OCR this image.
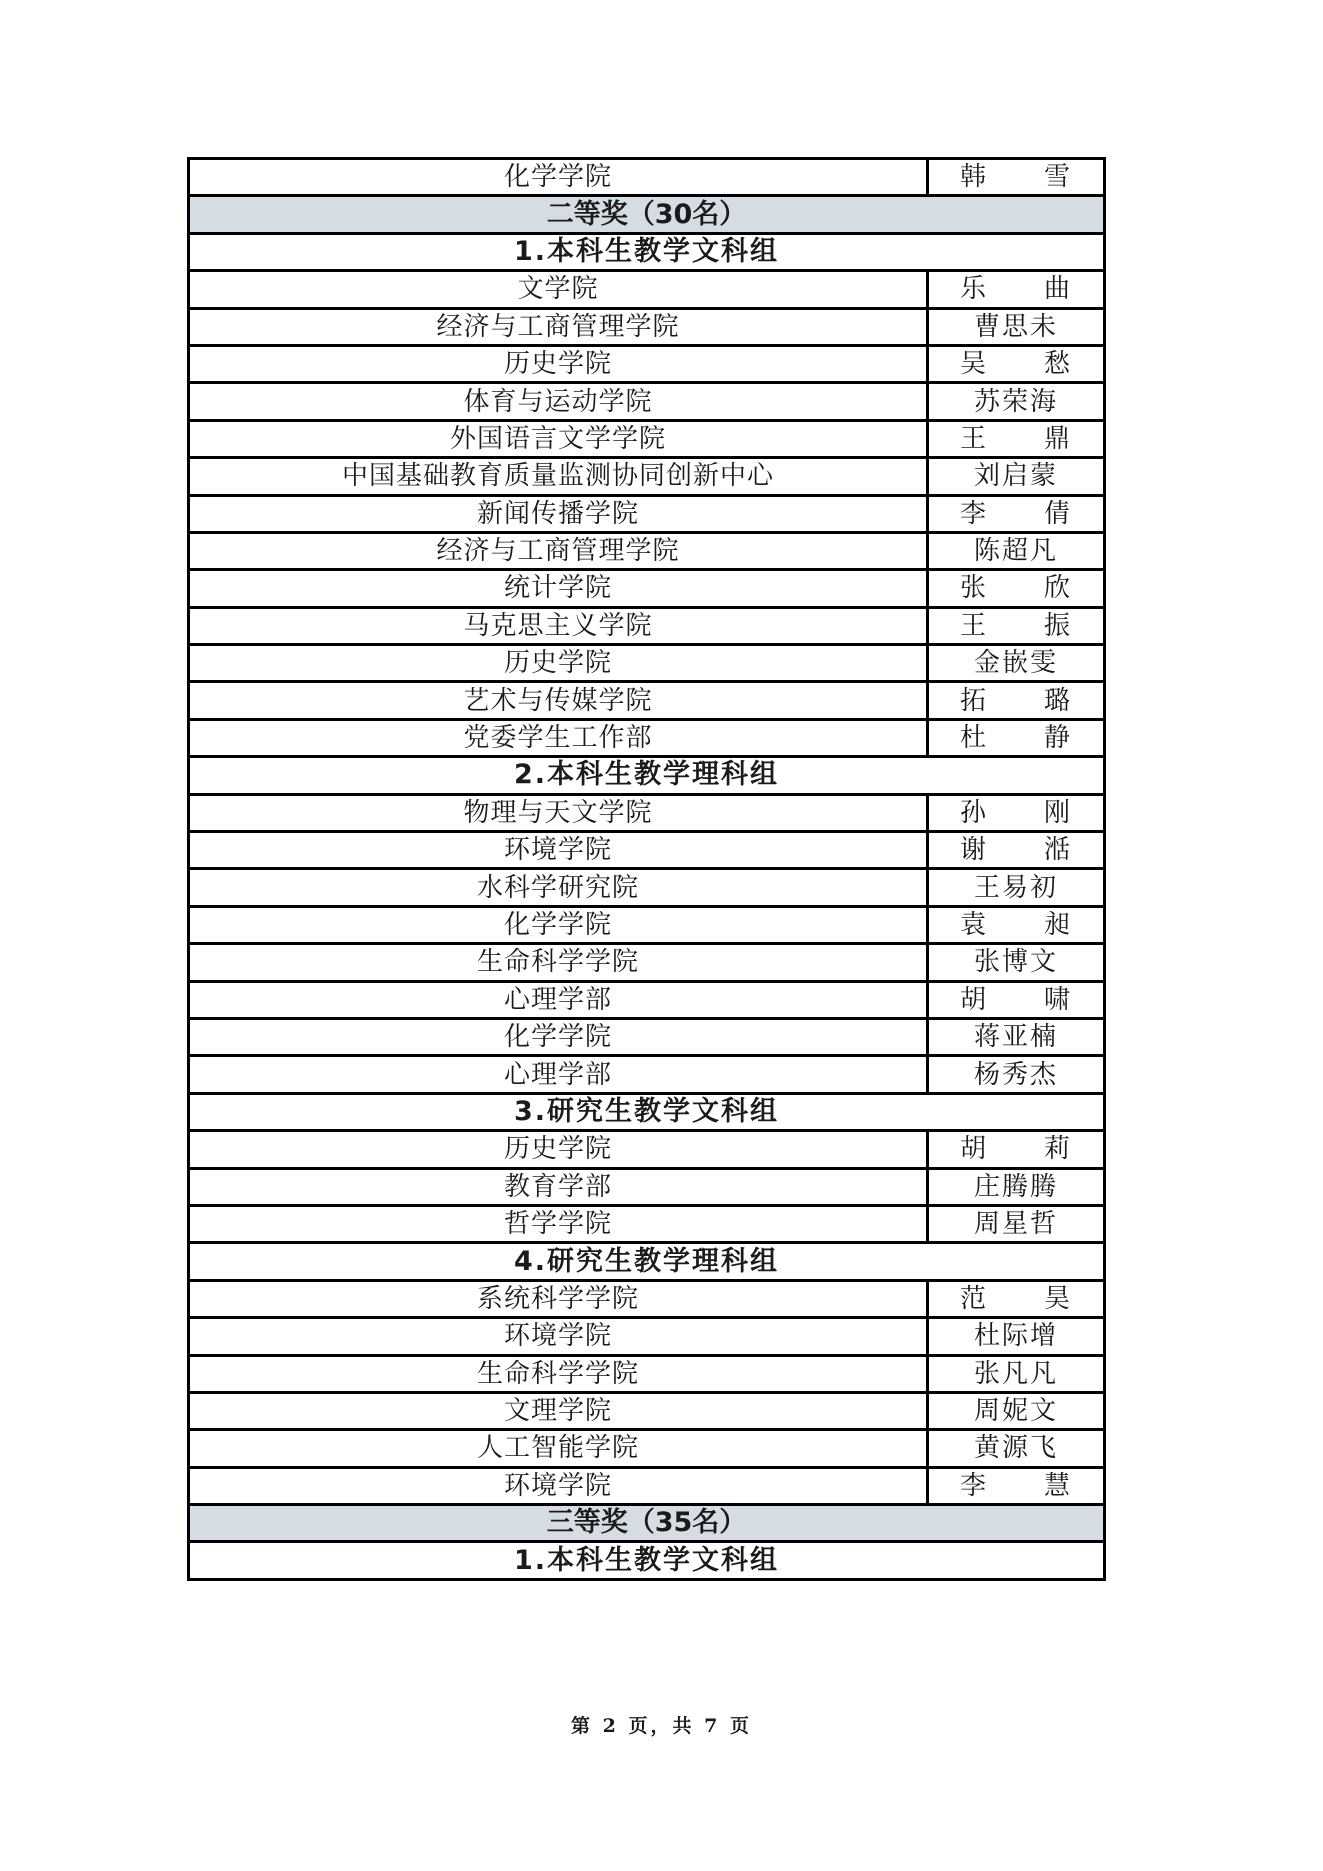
化学学院	韩 雪
二等奖（30名）	
1.本科生教学文科组	
文学院	乐 曲
经济与工商管理学院	曹思未
历史学院	吴 愁
体育与运动学院	苏荣海
外国语言文学学院	王 鼎
中国基础教育质量监测协同创新中心	刘启蒙
新闻传播学院	李 倩
经济与工商管理学院	陈超凡
统计学院	张 欣
马克思主义学院	王 振
历史学院	金嵌雯
艺术与传媒学院	拓 璐
党委学生工作部	杜 静
2.本科生教学理科组	
物理与天文学院	孙 刚
环境学院	谢 湉
水科学研究院	王易初
化学学院	袁 昶
生命科学学院	张博文
心理学部	胡 啸
化学学院	蒋亚楠
心理学部	杨秀杰
3.研究生教学文科组	
历史学院	胡 莉
教育学部	庄腾腾
哲学学院	周星哲
4.研究生教学理科组	
系统科学学院	范 昊
环境学院	杜际增
生命科学学院	张凡凡
文理学院	周妮文
人工智能学院	黄源飞
环境学院	李 慧
三等奖（35名）	
1.本科生教学文科组	
第 2 页，共 7 页
